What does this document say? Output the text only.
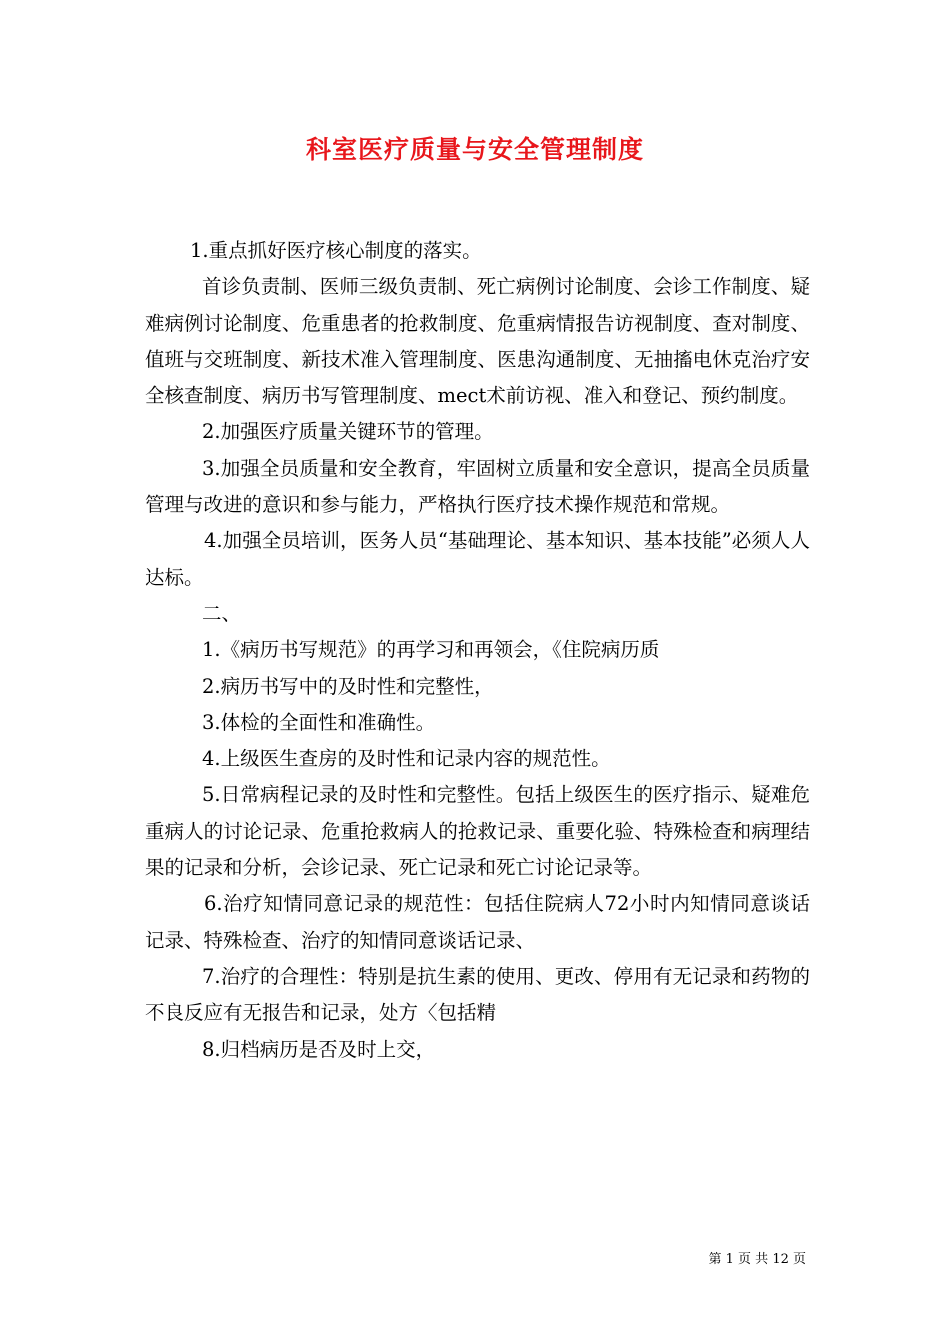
科室医疗质量与安全管理制度

1.重点抓好医疗核心制度的落实。

首诊负责制、医师三级负责制、死亡病例讨论制度、会诊工作制度、疑难病例讨论制度、危重患者的抢救制度、危重病情报告访视制度、查对制度、值班与交班制度、新技术准入管理制度、医患沟通制度、无抽搐电休克治疗安全核查制度、病历书写管理制度、mect术前访视、准入和登记、预约制度。

2.加强医疗质量关键环节的管理。

3.加强全员质量和安全教育，牢固树立质量和安全意识，提高全员质量管理与改进的意识和参与能力，严格执行医疗技术操作规范和常规。

4.加强全员培训，医务人员“基础理论、基本知识、基本技能”必须人人达标。

二、

1.《病历书写规范》的再学习和再领会，《住院病历质

2.病历书写中的及时性和完整性，

3.体检的全面性和准确性。

4.上级医生查房的及时性和记录内容的规范性。

5.日常病程记录的及时性和完整性。包括上级医生的医疗指示、疑难危重病人的讨论记录、危重抢救病人的抢救记录、重要化验、特殊检查和病理结果的记录和分析，会诊记录、死亡记录和死亡讨论记录等。

6.治疗知情同意记录的规范性：包括住院病人72小时内知情同意谈话记录、特殊检查、治疗的知情同意谈话记录、

7.治疗的合理性：特别是抗生素的使用、更改、停用有无记录和药物的不良反应有无报告和记录，处方〈包括精

8.归档病历是否及时上交，

第 1 页 共 12 页
